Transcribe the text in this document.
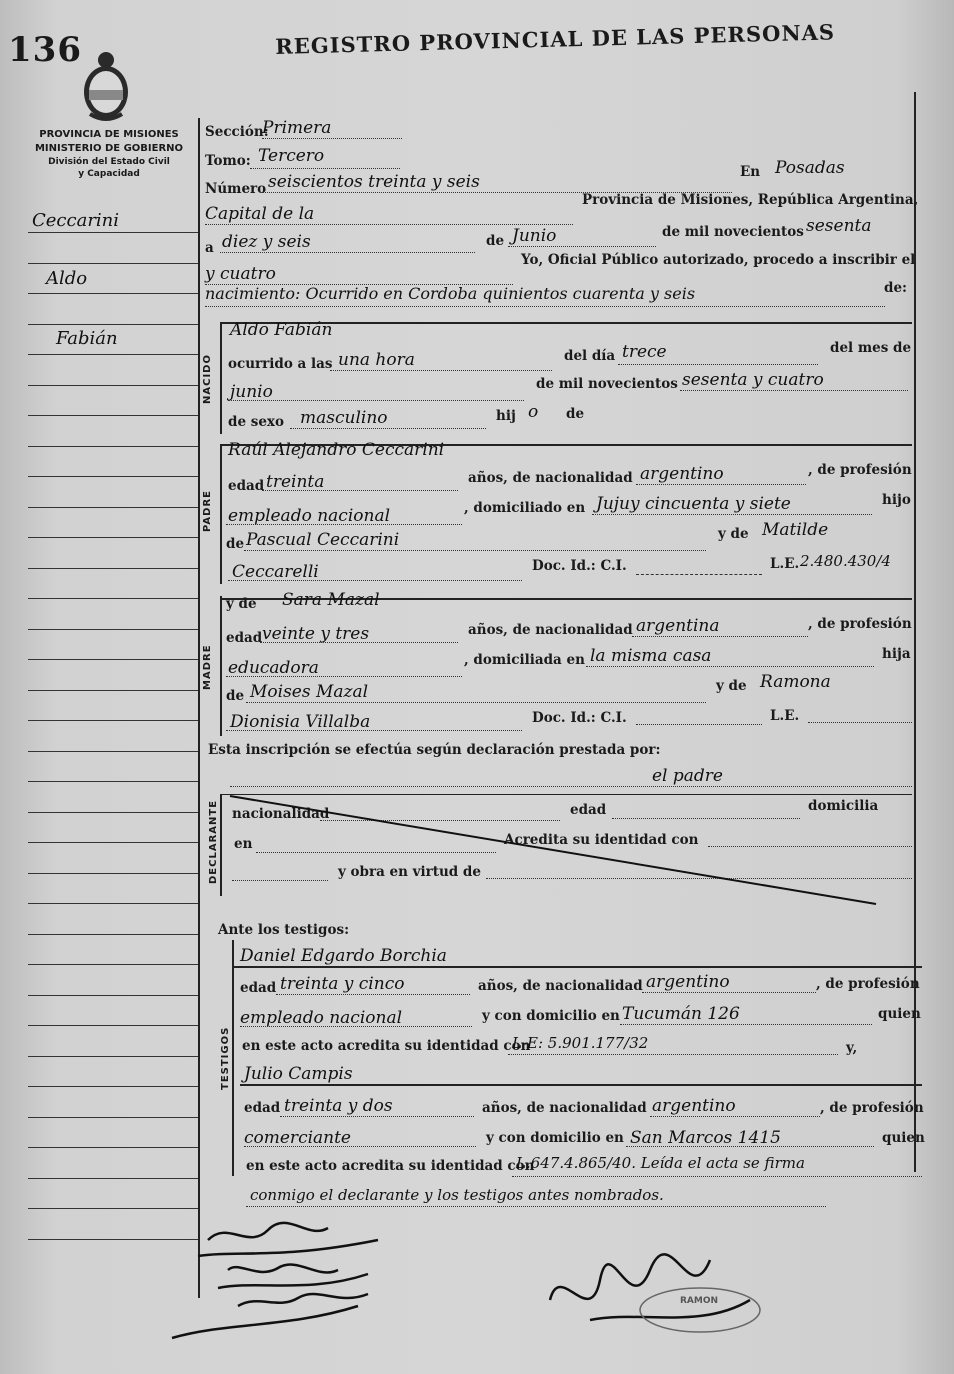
136	REGISTRO PROVINCIAL DE LAS PERSONAS
PROVINCIA DE MISIONES
MINISTERIO DE GOBIERNO
División del Estado Civil
y Capacidad
Ceccarini
Aldo
Fabián
Sección:
Primera
Tomo: Tercero
Número seiscientos treinta y seis	En Posadas
Capital de la
Provincia de Misiones, República Argentina,
a diez y seis	de Junio	de mil novecientos sesenta
y cuatro
Yo, Oficial Público autorizado, procedo a inscribir el
nacimiento: Ocurrido en Cordoba quinientos cuarenta y seis	de:
NACIDO
Aldo Fabián
ocurrido a las una hora	del día trece	del mes de
junio	de mil novecientos sesenta y cuatro
de sexo masculino	hij o de
PADRE
Raúl Alejandro Ceccarini
edad treinta	años, de nacionalidad argentino	, de profesión
empleado nacional	, domiciliado en Jujuy cincuenta y siete	hijo
de Pascual Ceccarini	y de Matilde
Ceccarelli	Doc. Id.: C.I.	L.E. 2.480.430/4
MADRE
y de Sara Mazal
edad veinte y tres	años, de nacionalidad argentina	, de profesión
educadora	, domiciliada en la misma casa	hija
de Moises Mazal	y de Ramona
Dionisia Villalba	Doc. Id.: C.I.	L.E.
Esta inscripción se efectúa según declaración prestada por:
el padre
DECLARANTE nacionalidad	edad	domicilia
en	Acredita su identidad con
y obra en virtud de
Ante los testigos:
TESTIGOS
Daniel Edgardo Borchia
edad treinta y cinco	años, de nacionalidad argentino	, de profesión
empleado nacional	y con domicilio en Tucumán 126	quien
en este acto acredita su identidad con
L-E: 5.901.177/32	y,
Julio Campis
edad treinta y dos	años, de nacionalidad argentino	, de profesión
comerciante	y con domicilio en San Marcos 1415	quien
en este acto acredita su identidad con
L.647.4.865/40. Leída el acta se firma
conmigo el declarante y los testigos antes nombrados.
RAMON
